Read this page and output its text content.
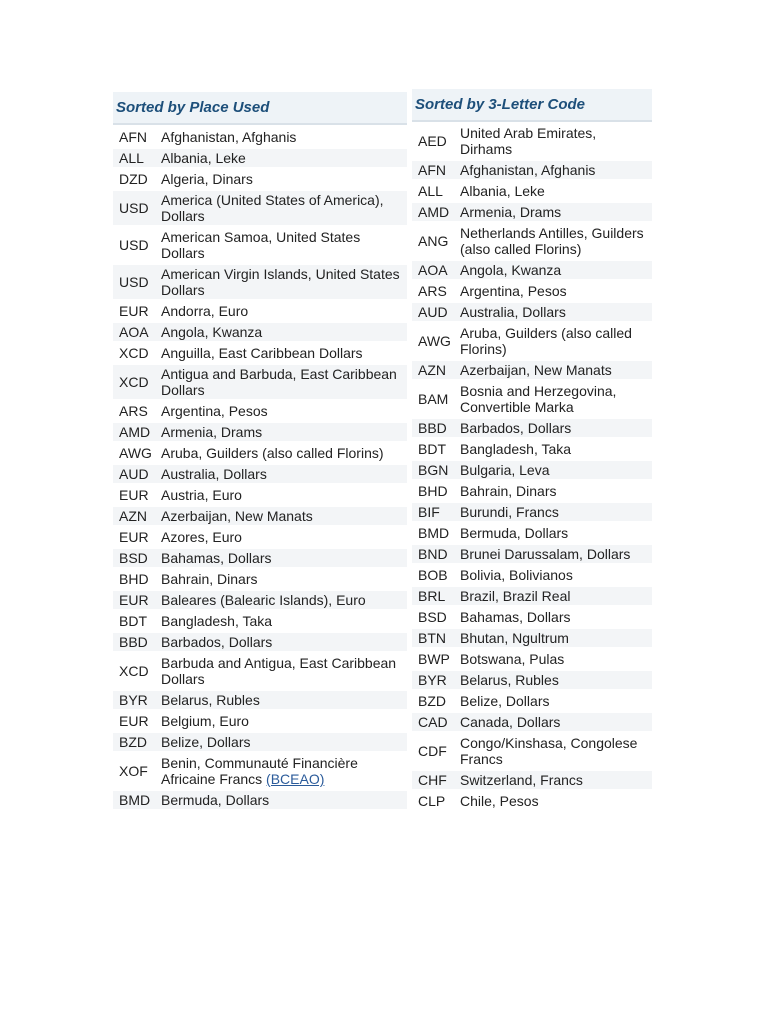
Sorted by Place Used
AFN	Afghanistan, Afghanis
ALL	Albania, Leke
DZD	Algeria, Dinars
USD	America (United States of America), Dollars
USD	American Samoa, United States Dollars
USD	American Virgin Islands, United States Dollars
EUR	Andorra, Euro
AOA	Angola, Kwanza
XCD	Anguilla, East Caribbean Dollars
XCD	Antigua and Barbuda, East Caribbean Dollars
ARS	Argentina, Pesos
AMD	Armenia, Drams
AWG	Aruba, Guilders (also called Florins)
AUD	Australia, Dollars
EUR	Austria, Euro
AZN	Azerbaijan, New Manats
EUR	Azores, Euro
BSD	Bahamas, Dollars
BHD	Bahrain, Dinars
EUR	Baleares (Balearic Islands), Euro
BDT	Bangladesh, Taka
BBD	Barbados, Dollars
XCD	Barbuda and Antigua, East Caribbean Dollars
BYR	Belarus, Rubles
EUR	Belgium, Euro
BZD	Belize, Dollars
XOF	Benin, Communauté Financière Africaine Francs (BCEAO)
BMD	Bermuda, Dollars
Sorted by 3-Letter Code
AED	United Arab Emirates, Dirhams
AFN	Afghanistan, Afghanis
ALL	Albania, Leke
AMD	Armenia, Drams
ANG	Netherlands Antilles, Guilders (also called Florins)
AOA	Angola, Kwanza
ARS	Argentina, Pesos
AUD	Australia, Dollars
AWG	Aruba, Guilders (also called Florins)
AZN	Azerbaijan, New Manats
BAM	Bosnia and Herzegovina, Convertible Marka
BBD	Barbados, Dollars
BDT	Bangladesh, Taka
BGN	Bulgaria, Leva
BHD	Bahrain, Dinars
BIF	Burundi, Francs
BMD	Bermuda, Dollars
BND	Brunei Darussalam, Dollars
BOB	Bolivia, Bolivianos
BRL	Brazil, Brazil Real
BSD	Bahamas, Dollars
BTN	Bhutan, Ngultrum
BWP	Botswana, Pulas
BYR	Belarus, Rubles
BZD	Belize, Dollars
CAD	Canada, Dollars
CDF	Congo/Kinshasa, Congolese Francs
CHF	Switzerland, Francs
CLP	Chile, Pesos
